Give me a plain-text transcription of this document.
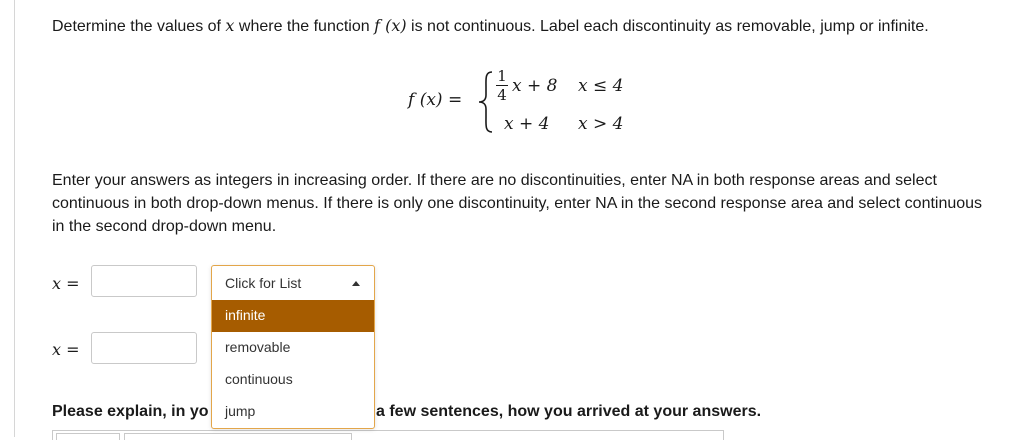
Determine the values of x where the function f (x) is not continuous. Label each discontinuity as removable, jump or infinite.
f (x) =
1
4 x + 8 x ≤ 4
x + 4 x > 4
Enter your answers as integers in increasing order. If there are no discontinuities, enter NA in both response areas and select continuous in both drop-down menus. If there is only one discontinuity, enter NA in the second response area and select continuous in the second drop-down menu.
x =
x =
Click for List
infinite
removable
continuous
jump
Please explain, in yo	a few sentences, how you arrived at your answers.
